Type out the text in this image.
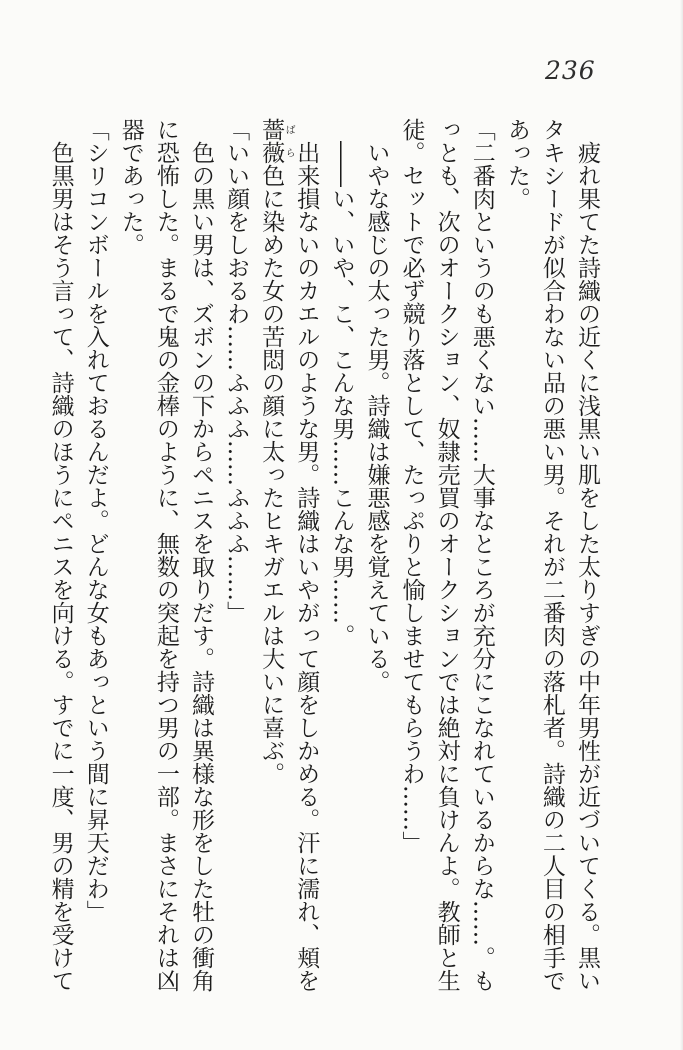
236

疲れ果てた詩織の近くに浅黒い肌をした太りすぎの中年男性が近づいてくる。黒いタキシードが似合わない品の悪い男。それが二番肉の落札者。詩織の二人目の相手であった。

「二番肉というのも悪くない……大事なところが充分にこなれているからな……。もっとも、次のオークション、奴隷売買のオークションでは絶対に負けんよ。教師と生徒。セットで必ず競り落として、たっぷりと愉しませてもらうわ……」

いやな感じの太った男。詩織は嫌悪感を覚えている。

――い、いや、こ、こんな男……こんな男……。

出来損ないのカエルのような男。詩織はいやがって顔をしかめる。汗に濡れ、頬を薔薇 ばら色に染めた女の苦悶の顔に太ったヒキガエルは大いに喜ぶ。

「いい顔をしおるわ……ふふふ……ふふふ……」

色の黒い男は、ズボンの下からペニスを取りだす。詩織は異様な形をした牡の衝角に恐怖した。まるで鬼の金棒のように、無数の突起を持つ男の一部。まさにそれは凶器であった。

「シリコンボールを入れておるんだよ。どんな女もあっという間に昇天だわ」

色黒男はそう言って、詩織のほうにペニスを向ける。すでに一度、男の精を受けて
